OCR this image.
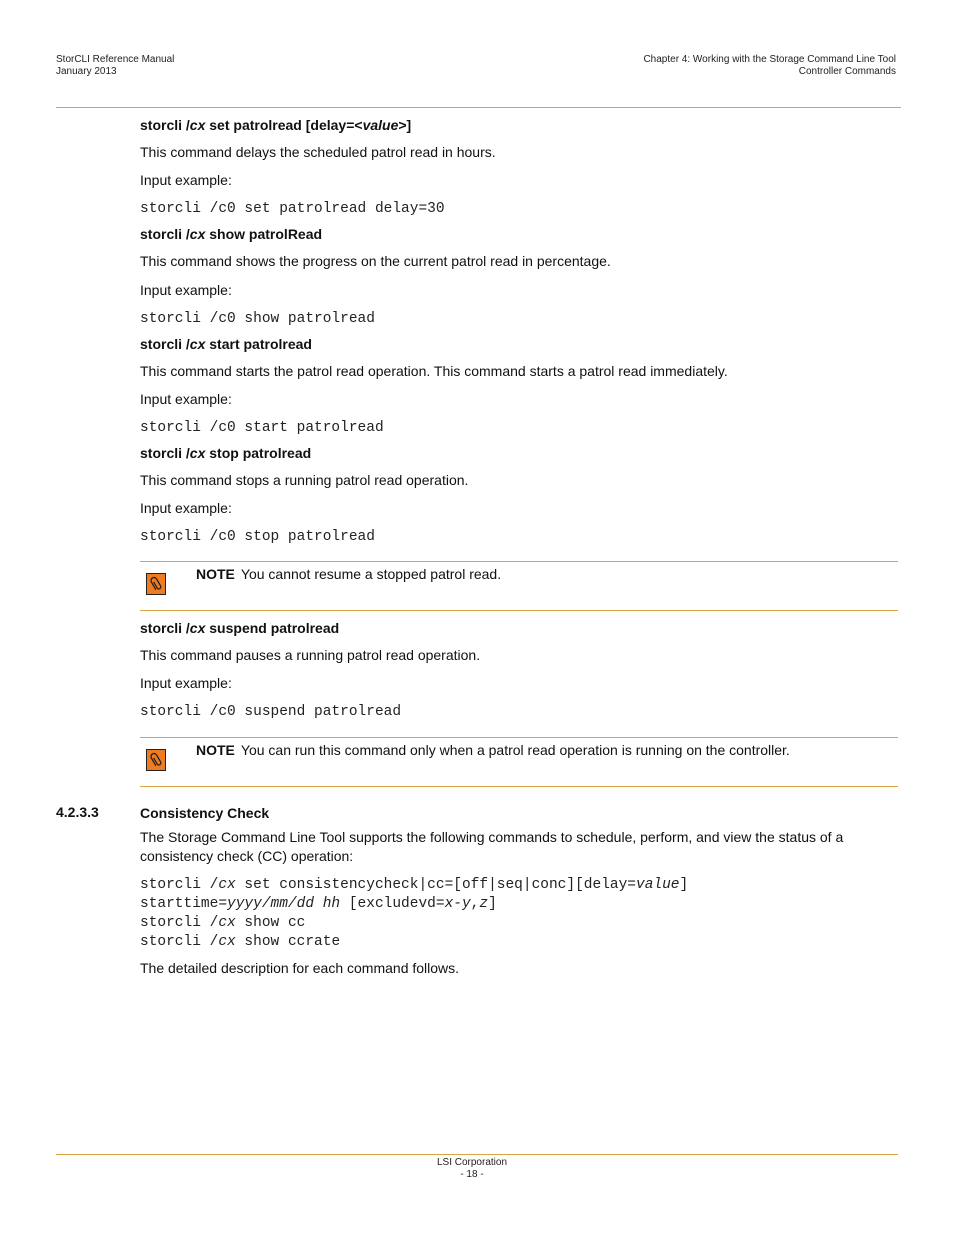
StorCLI Reference Manual
January 2013
Chapter 4: Working with the Storage Command Line Tool
Controller Commands

storcli /cx set patrolread [delay=<value>]

This command delays the scheduled patrol read in hours.

Input example:

storcli /c0 set patrolread delay=30

storcli /cx show patrolRead

This command shows the progress on the current patrol read in percentage.

Input example:

storcli /c0 show patrolread

storcli /cx start patrolread

This command starts the patrol read operation. This command starts a patrol read immediately.

Input example:

storcli /c0 start patrolread

storcli /cx stop patrolread

This command stops a running patrol read operation.

Input example:

storcli /c0 stop patrolread

NOTE You cannot resume a stopped patrol read.

storcli /cx suspend patrolread

This command pauses a running patrol read operation.

Input example:

storcli /c0 suspend patrolread

NOTE You can run this command only when a patrol read operation is running on the controller.
4.2.3.3	Consistency Check

The Storage Command Line Tool supports the following commands to schedule, perform, and view the status of a

consistency check (CC) operation:

storcli /cx set consistencycheck|cc=[off|seq|conc][delay=value]

starttime=yyyy/mm/dd hh [excludevd=x-y,z]

storcli /cx show cc

storcli /cx show ccrate

The detailed description for each command follows.

LSI Corporation
- 18 -
